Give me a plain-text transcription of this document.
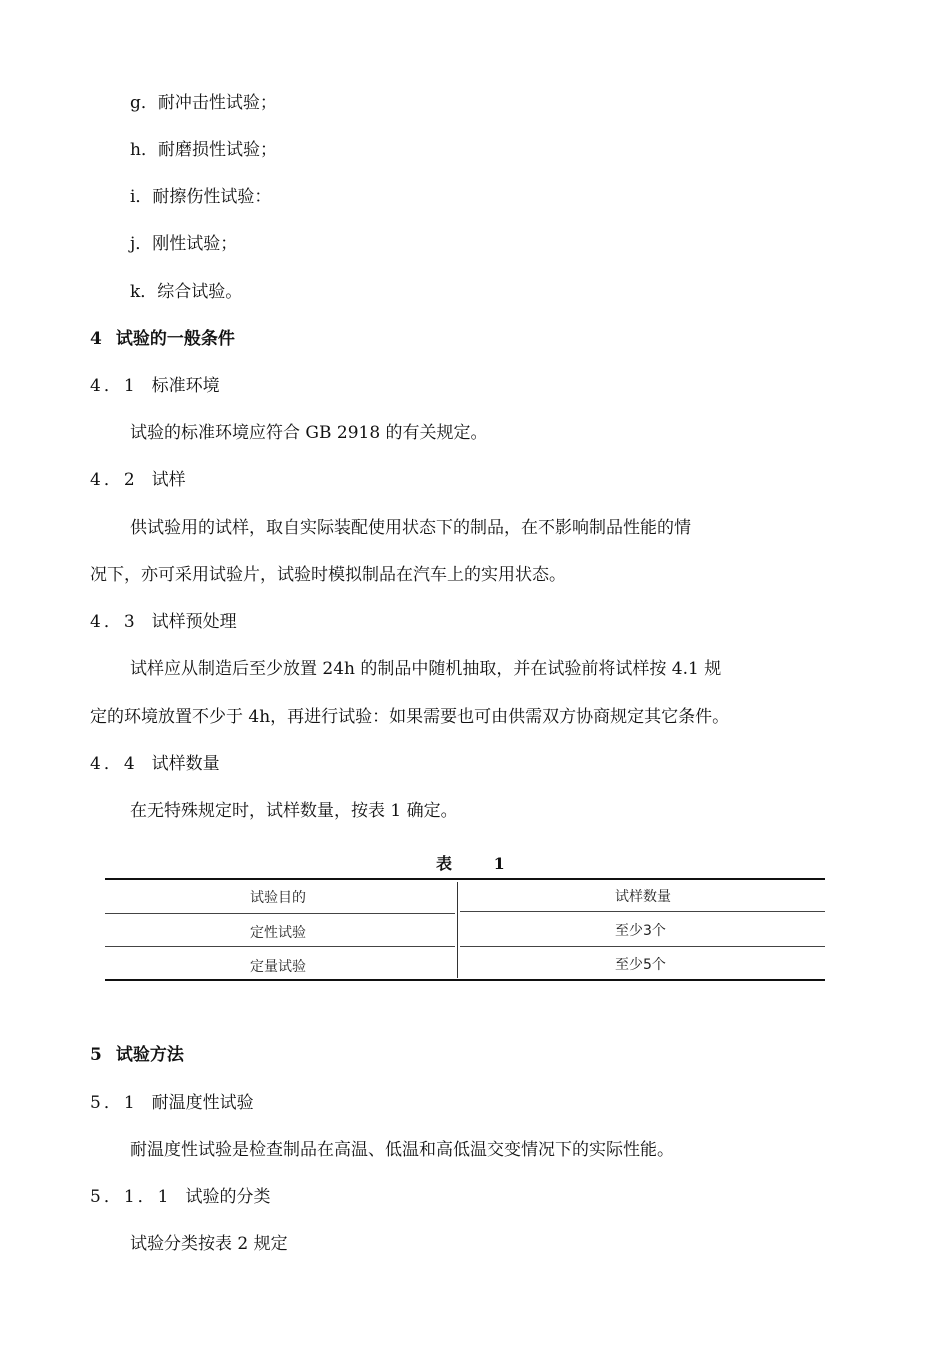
g．耐冲击性试验；
h．耐磨损性试验；
i．耐擦伤性试验：
j．刚性试验；
k．综合试验。
4 试验的一般条件
4．1 标准环境
试验的标准环境应符合 GB 2918 的有关规定。
4．2 试样
供试验用的试样，取自实际装配使用状态下的制品，在不影响制品性能的情
况下，亦可采用试验片，试验时模拟制品在汽车上的实用状态。
4．3 试样预处理
试样应从制造后至少放置 24h 的制品中随机抽取，并在试验前将试样按 4.1 规
定的环境放置不少于 4h，再进行试验：如果需要也可由供需双方协商规定其它条件。
4．4 试样数量
在无特殊规定时，试样数量，按表 1 确定。
表 1
试验目的	试样数量
定性试验	至少3个
定量试验	至少5个
5 试验方法
5．1 耐温度性试验
耐温度性试验是检查制品在高温、低温和高低温交变情况下的实际性能。
5．1．1 试验的分类
试验分类按表 2 规定
